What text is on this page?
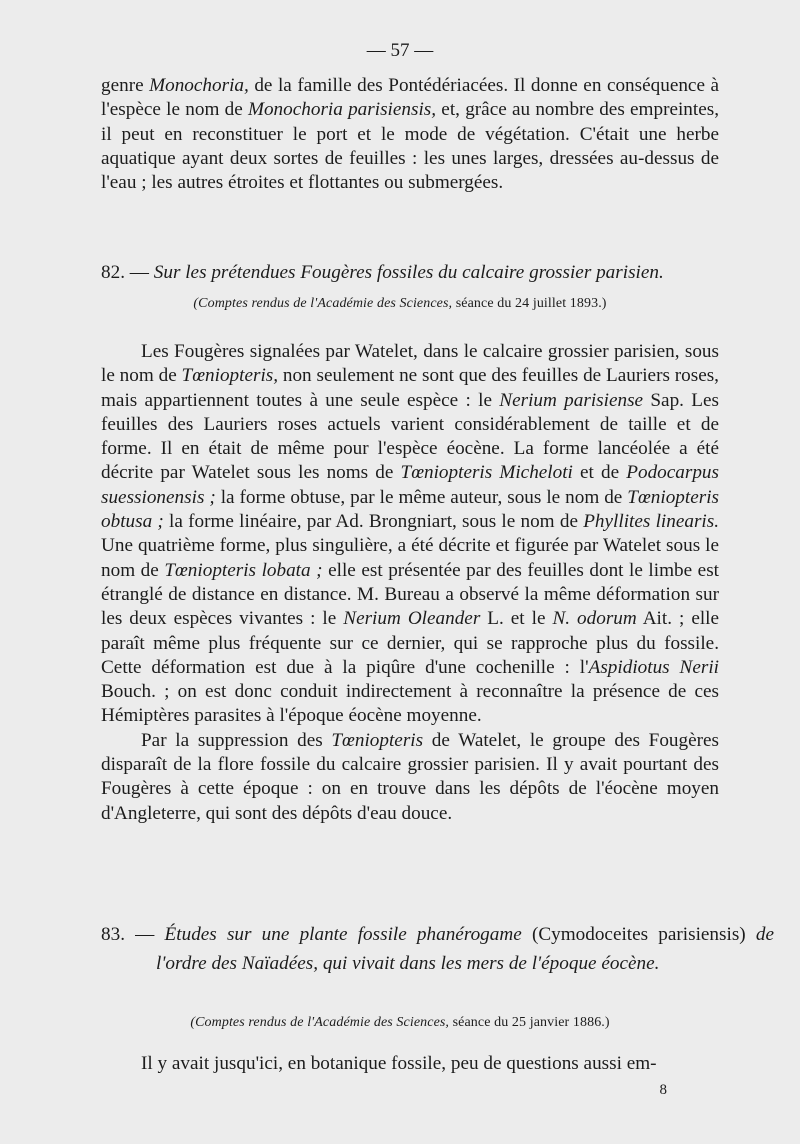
— 57 —

genre Monochoria, de la famille des Pontédériacées. Il donne en conséquence à l'espèce le nom de Monochoria parisiensis, et, grâce au nombre des empreintes, il peut en reconstituer le port et le mode de végétation. C'était une herbe aquatique ayant deux sortes de feuilles : les unes larges, dressées au-dessus de l'eau ; les autres étroites et flottantes ou submergées.

82. — Sur les prétendues Fougères fossiles du calcaire grossier parisien.
(Comptes rendus de l'Académie des Sciences, séance du 24 juillet 1893.)

Les Fougères signalées par Watelet, dans le calcaire grossier parisien, sous le nom de Tœniopteris, non seulement ne sont que des feuilles de Lauriers roses, mais appartiennent toutes à une seule espèce : le Nerium parisiense Sap. Les feuilles des Lauriers roses actuels varient considérablement de taille et de forme. Il en était de même pour l'espèce éocène. La forme lancéolée a été décrite par Watelet sous les noms de Tœniopteris Micheloti et de Podocarpus suessionensis ; la forme obtuse, par le même auteur, sous le nom de Tœniopteris obtusa ; la forme linéaire, par Ad. Brongniart, sous le nom de Phyllites linearis. Une quatrième forme, plus singulière, a été décrite et figurée par Watelet sous le nom de Tœniopteris lobata ; elle est présentée par des feuilles dont le limbe est étranglé de distance en distance. M. Bureau a observé la même déformation sur les deux espèces vivantes : le Nerium Oleander L. et le N. odorum Ait. ; elle paraît même plus fréquente sur ce dernier, qui se rapproche plus du fossile. Cette déformation est due à la piqûre d'une cochenille : l'Aspidiotus Nerii Bouch. ; on est donc conduit indirectement à reconnaître la présence de ces Hémiptères parasites à l'époque éocène moyenne.

Par la suppression des Tœniopteris de Watelet, le groupe des Fougères disparaît de la flore fossile du calcaire grossier parisien. Il y avait pourtant des Fougères à cette époque : on en trouve dans les dépôts de l'éocène moyen d'Angleterre, qui sont des dépôts d'eau douce.

83. — Études sur une plante fossile phanérogame (Cymodoceites parisiensis) de l'ordre des Naïadées, qui vivait dans les mers de l'époque éocène.
(Comptes rendus de l'Académie des Sciences, séance du 25 janvier 1886.)

Il y avait jusqu'ici, en botanique fossile, peu de questions aussi em-

8
